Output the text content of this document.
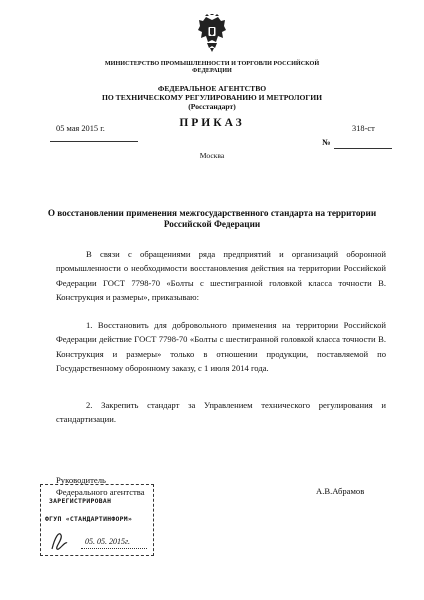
МИНИСТЕРСТВО ПРОМЫШЛЕННОСТИ И ТОРГОВЛИ РОССИЙСКОЙ ФЕДЕРАЦИИ
ФЕДЕРАЛЬНОЕ АГЕНТСТВО
ПО ТЕХНИЧЕСКОМУ РЕГУЛИРОВАНИЮ И МЕТРОЛОГИИ
(Росстандарт)
05 мая 2015 г.	ПРИКАЗ	318-ст
№
Москва
О восстановлении применения межгосударственного стандарта на территории Российской Федерации
В связи с обращениями ряда предприятий и организаций оборонной промышленности о необходимости восстановления действия на территории Российской Федерации ГОСТ 7798-70 «Болты с шестигранной головкой класса точности В. Конструкция и размеры», приказываю:
1. Восстановить для добровольного применения на территории Российской Федерации действие ГОСТ 7798-70 «Болты с шестигранной головкой класса точности В. Конструкция и размеры» только в отношении продукции, поставляемой по Государственному оборонному заказу, с 1 июля 2014 года.
2. Закрепить стандарт за Управлением технического регулирования и стандартизации.
Руководитель
Федерального агентства	А.В.Абрамов
ЗАРЕГИСТРИРОВАН
ФГУП «СТАНДАРТИНФОРМ»
05. 05. 2015г.
